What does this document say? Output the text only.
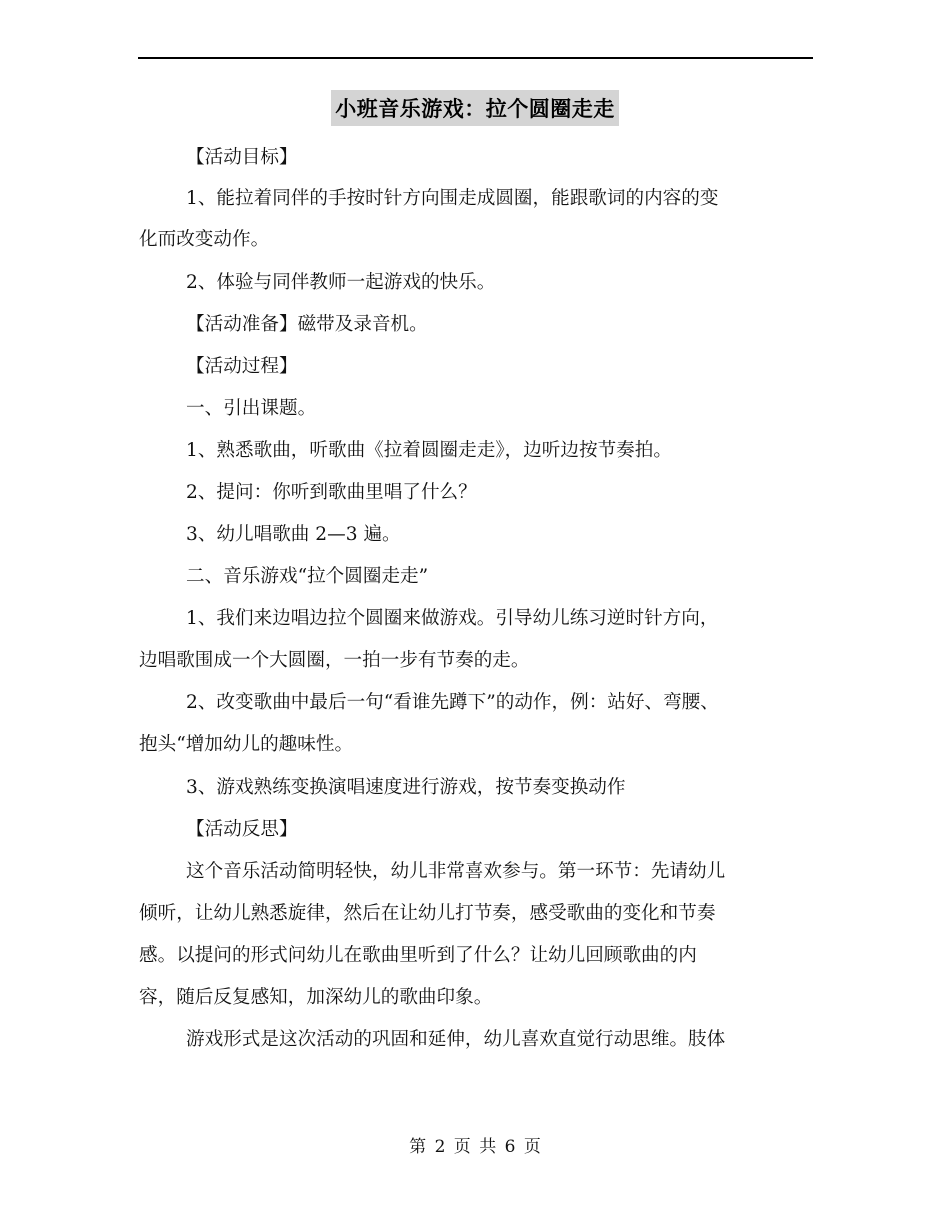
小班音乐游戏：拉个圆圈走走
【活动目标】
1、能拉着同伴的手按时针方向围走成圆圈，能跟歌词的内容的变
化而改变动作。
2、体验与同伴教师一起游戏的快乐。
【活动准备】磁带及录音机。
【活动过程】
一、引出课题。
1、熟悉歌曲，听歌曲《拉着圆圈走走》，边听边按节奏拍。
2、提问：你听到歌曲里唱了什么？
3、幼儿唱歌曲 2—3 遍。
二、音乐游戏“拉个圆圈走走”
1、我们来边唱边拉个圆圈来做游戏。引导幼儿练习逆时针方向，
边唱歌围成一个大圆圈，一拍一步有节奏的走。
2、改变歌曲中最后一句“看谁先蹲下”的动作，例：站好、弯腰、
抱头“增加幼儿的趣味性。
3、游戏熟练变换演唱速度进行游戏，按节奏变换动作
【活动反思】
这个音乐活动简明轻快，幼儿非常喜欢参与。第一环节：先请幼儿
倾听，让幼儿熟悉旋律，然后在让幼儿打节奏，感受歌曲的变化和节奏
感。以提问的形式问幼儿在歌曲里听到了什么？让幼儿回顾歌曲的内
容，随后反复感知，加深幼儿的歌曲印象。
游戏形式是这次活动的巩固和延伸，幼儿喜欢直觉行动思维。肢体
第 2 页 共 6 页
